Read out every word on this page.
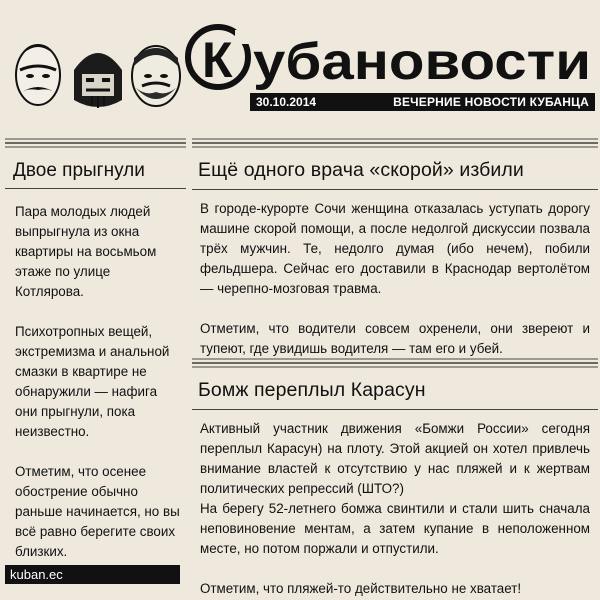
К убановости
30.10.2014	ВЕЧЕРНИЕ НОВОСТИ КУБАНЦА
Двое прыгнули

Пара молодых людей выпрыгнула из окна квартиры на восьмьом этаже по улице Котлярова.

Психотропных вещей, экстремизма и анальной смазки в квартире не обнаружили — нафига они прыгнули, пока неизвестно.

Отметим, что осенее обострение обычно раньше начинается, но вы всё равно берегите своих близких.

kuban.ec
Ещё одного врача «скорой» избили

В городе-курорте Сочи женщина отказалась уступать дорогу машине скорой помощи, а после недолгой дискуссии позвала трёх мужчин. Те, недолго думая (ибо нечем), побили фельдшера. Сейчас его доставили в Краснодар вертолётом — черепно-мозговая травма.

Отметим, что водители совсем охренели, они звереют и тупеют, где увидишь водителя — там его и убей.

Бомж переплыл Карасун

Активный участник движения «Бомжи России» сегодня переплыл Карасун) на плоту. Этой акцией он хотел привлечь внимание властей к отсутствию у нас пляжей и к жертвам политических репрессий (ШТО?)

На берегу 52-летнего бомжа свинтили и стали шить сначала неповиновение ментам, а затем купание в неположенном месте, но потом поржали и отпустили.

Отметим, что пляжей-то действительно не хватает!
